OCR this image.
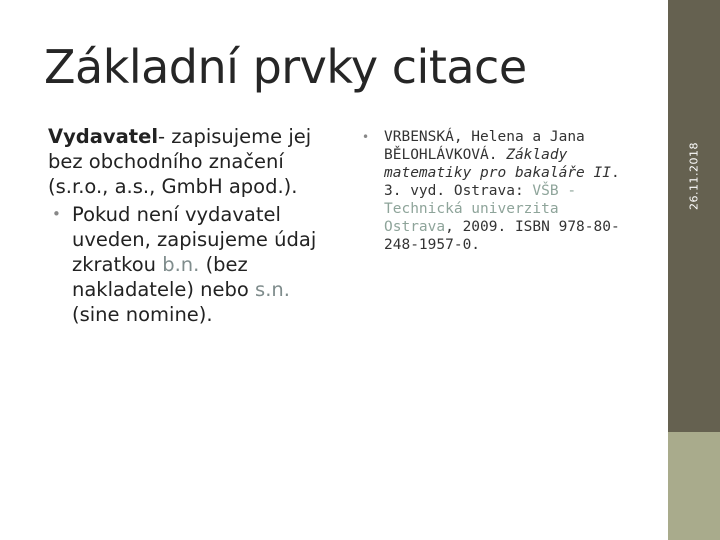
Základní prvky citace

Vydavatel- zapisujeme jej bez obchodního značení (s.r.o., a.s., GmbH apod.).

• Pokud není vydavatel uveden, zapisujeme údaj zkratkou b.n. (bez nakladatele) nebo s.n. (sine nomine).
•	VRBENSKÁ, Helena a Jana BĚLOHLÁVKOVÁ. Základy matematiky pro bakaláře II. 3. vyd. Ostrava: VŠB - Technická univerzita Ostrava, 2009. ISBN 978-80-248-1957-0.
26.11.2018
